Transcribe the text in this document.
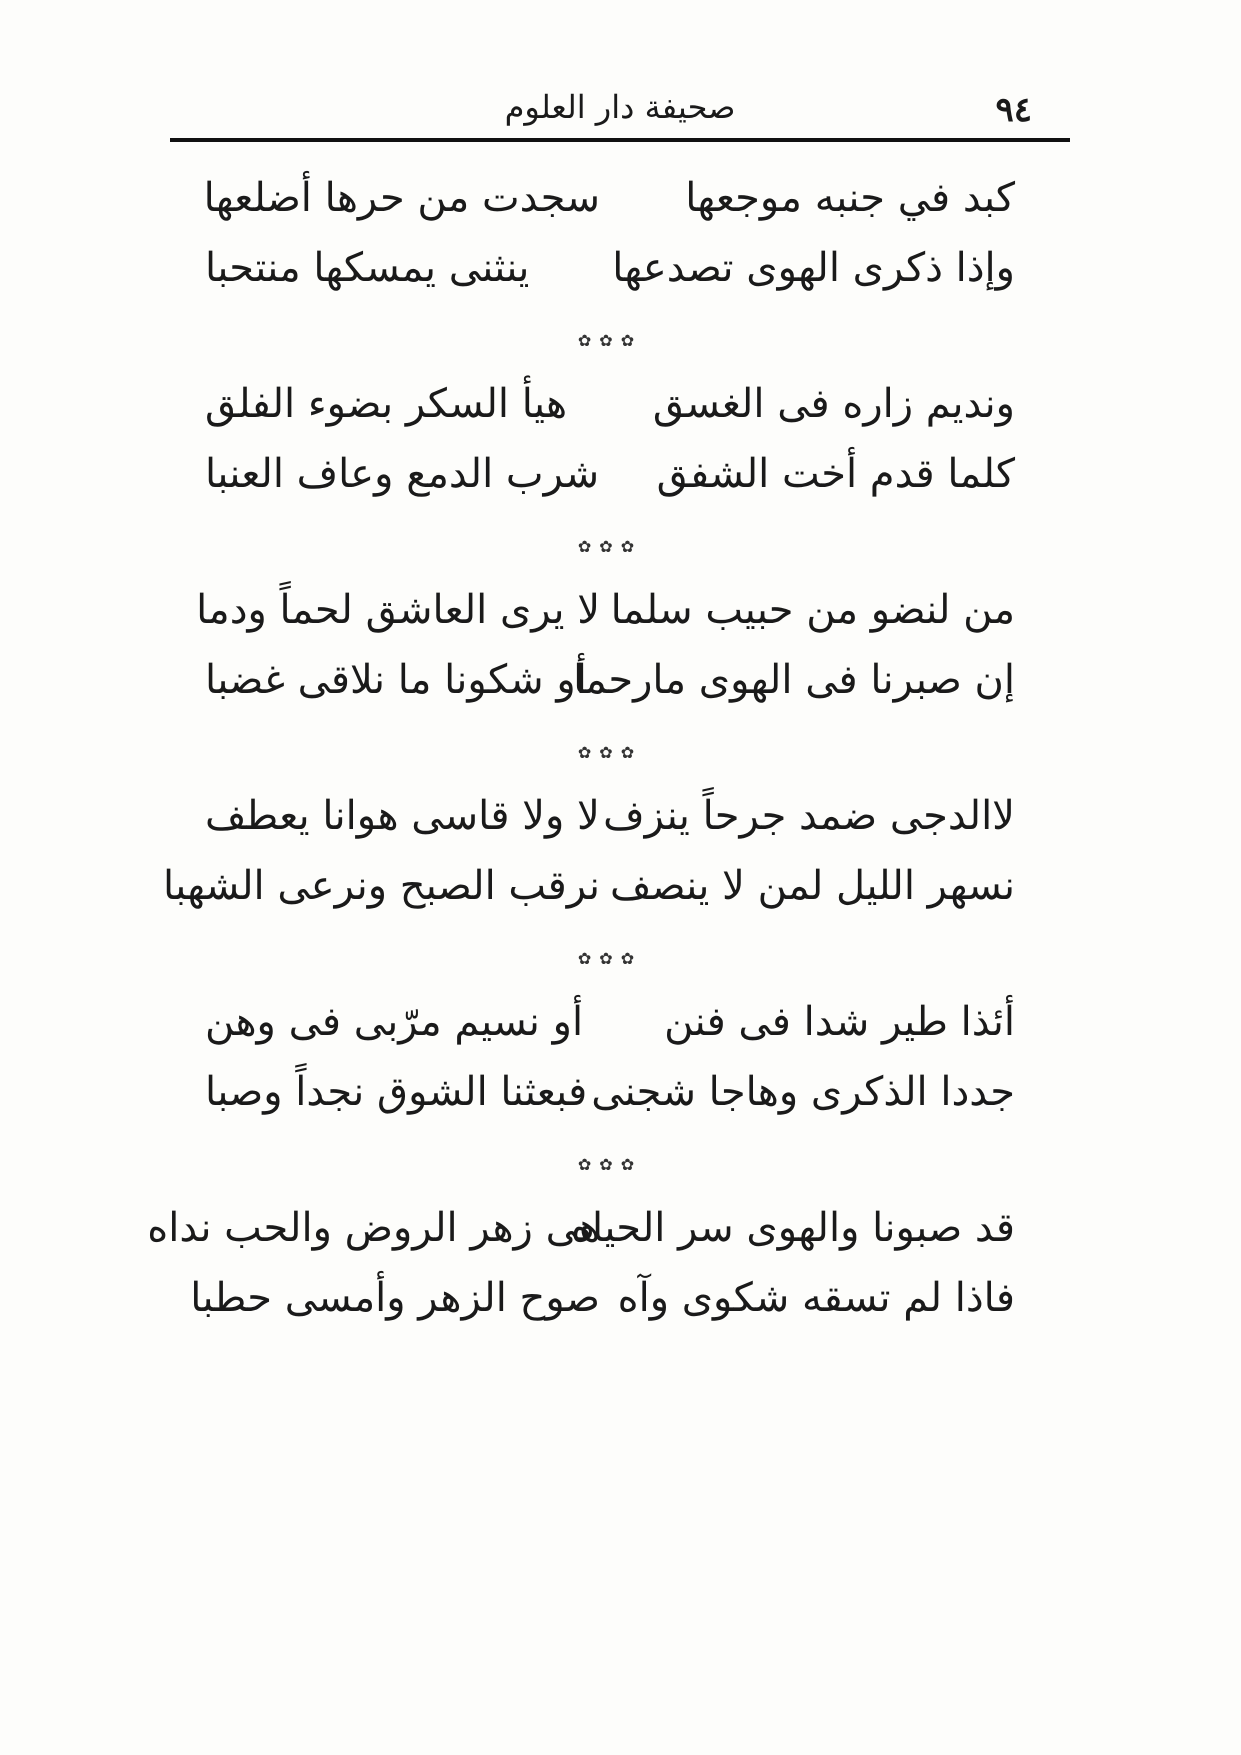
٩٤
صحيفة دار العلوم
كبد في جنبه موجعها
سجدت من حرها أضلعها
وإذا ذكرى الهوى تصدعها
ينثنى يمسكها منتحبا
✿✿✿
ونديم زاره فى الغسق
هيأ السكر بضوء الفلق
كلما قدم أخت الشفق
شرب الدمع وعاف العنبا
✿✿✿
من لنضو من حبيب سلما
لا يرى العاشق لحماً ودما
إن صبرنا فى الهوى مارحما
أو شكونا ما نلاقى غضبا
✿✿✿
لاالدجى ضمد جرحاً ينزف
لا ولا قاسى هوانا يعطف
نسهر الليل لمن لا ينصف
نرقب الصبح ونرعى الشهبا
✿✿✿
أئذا طير شدا فى فنن
أو نسيم مرّبى فى وهن
جددا الذكرى وهاجا شجنى
فبعثنا الشوق نجداً وصبا
✿✿✿
قد صبونا والهوى سر الحياه
هى زهر الروض والحب نداه
فاذا لم تسقه شكوى وآه
صوح الزهر وأمسى حطبا
